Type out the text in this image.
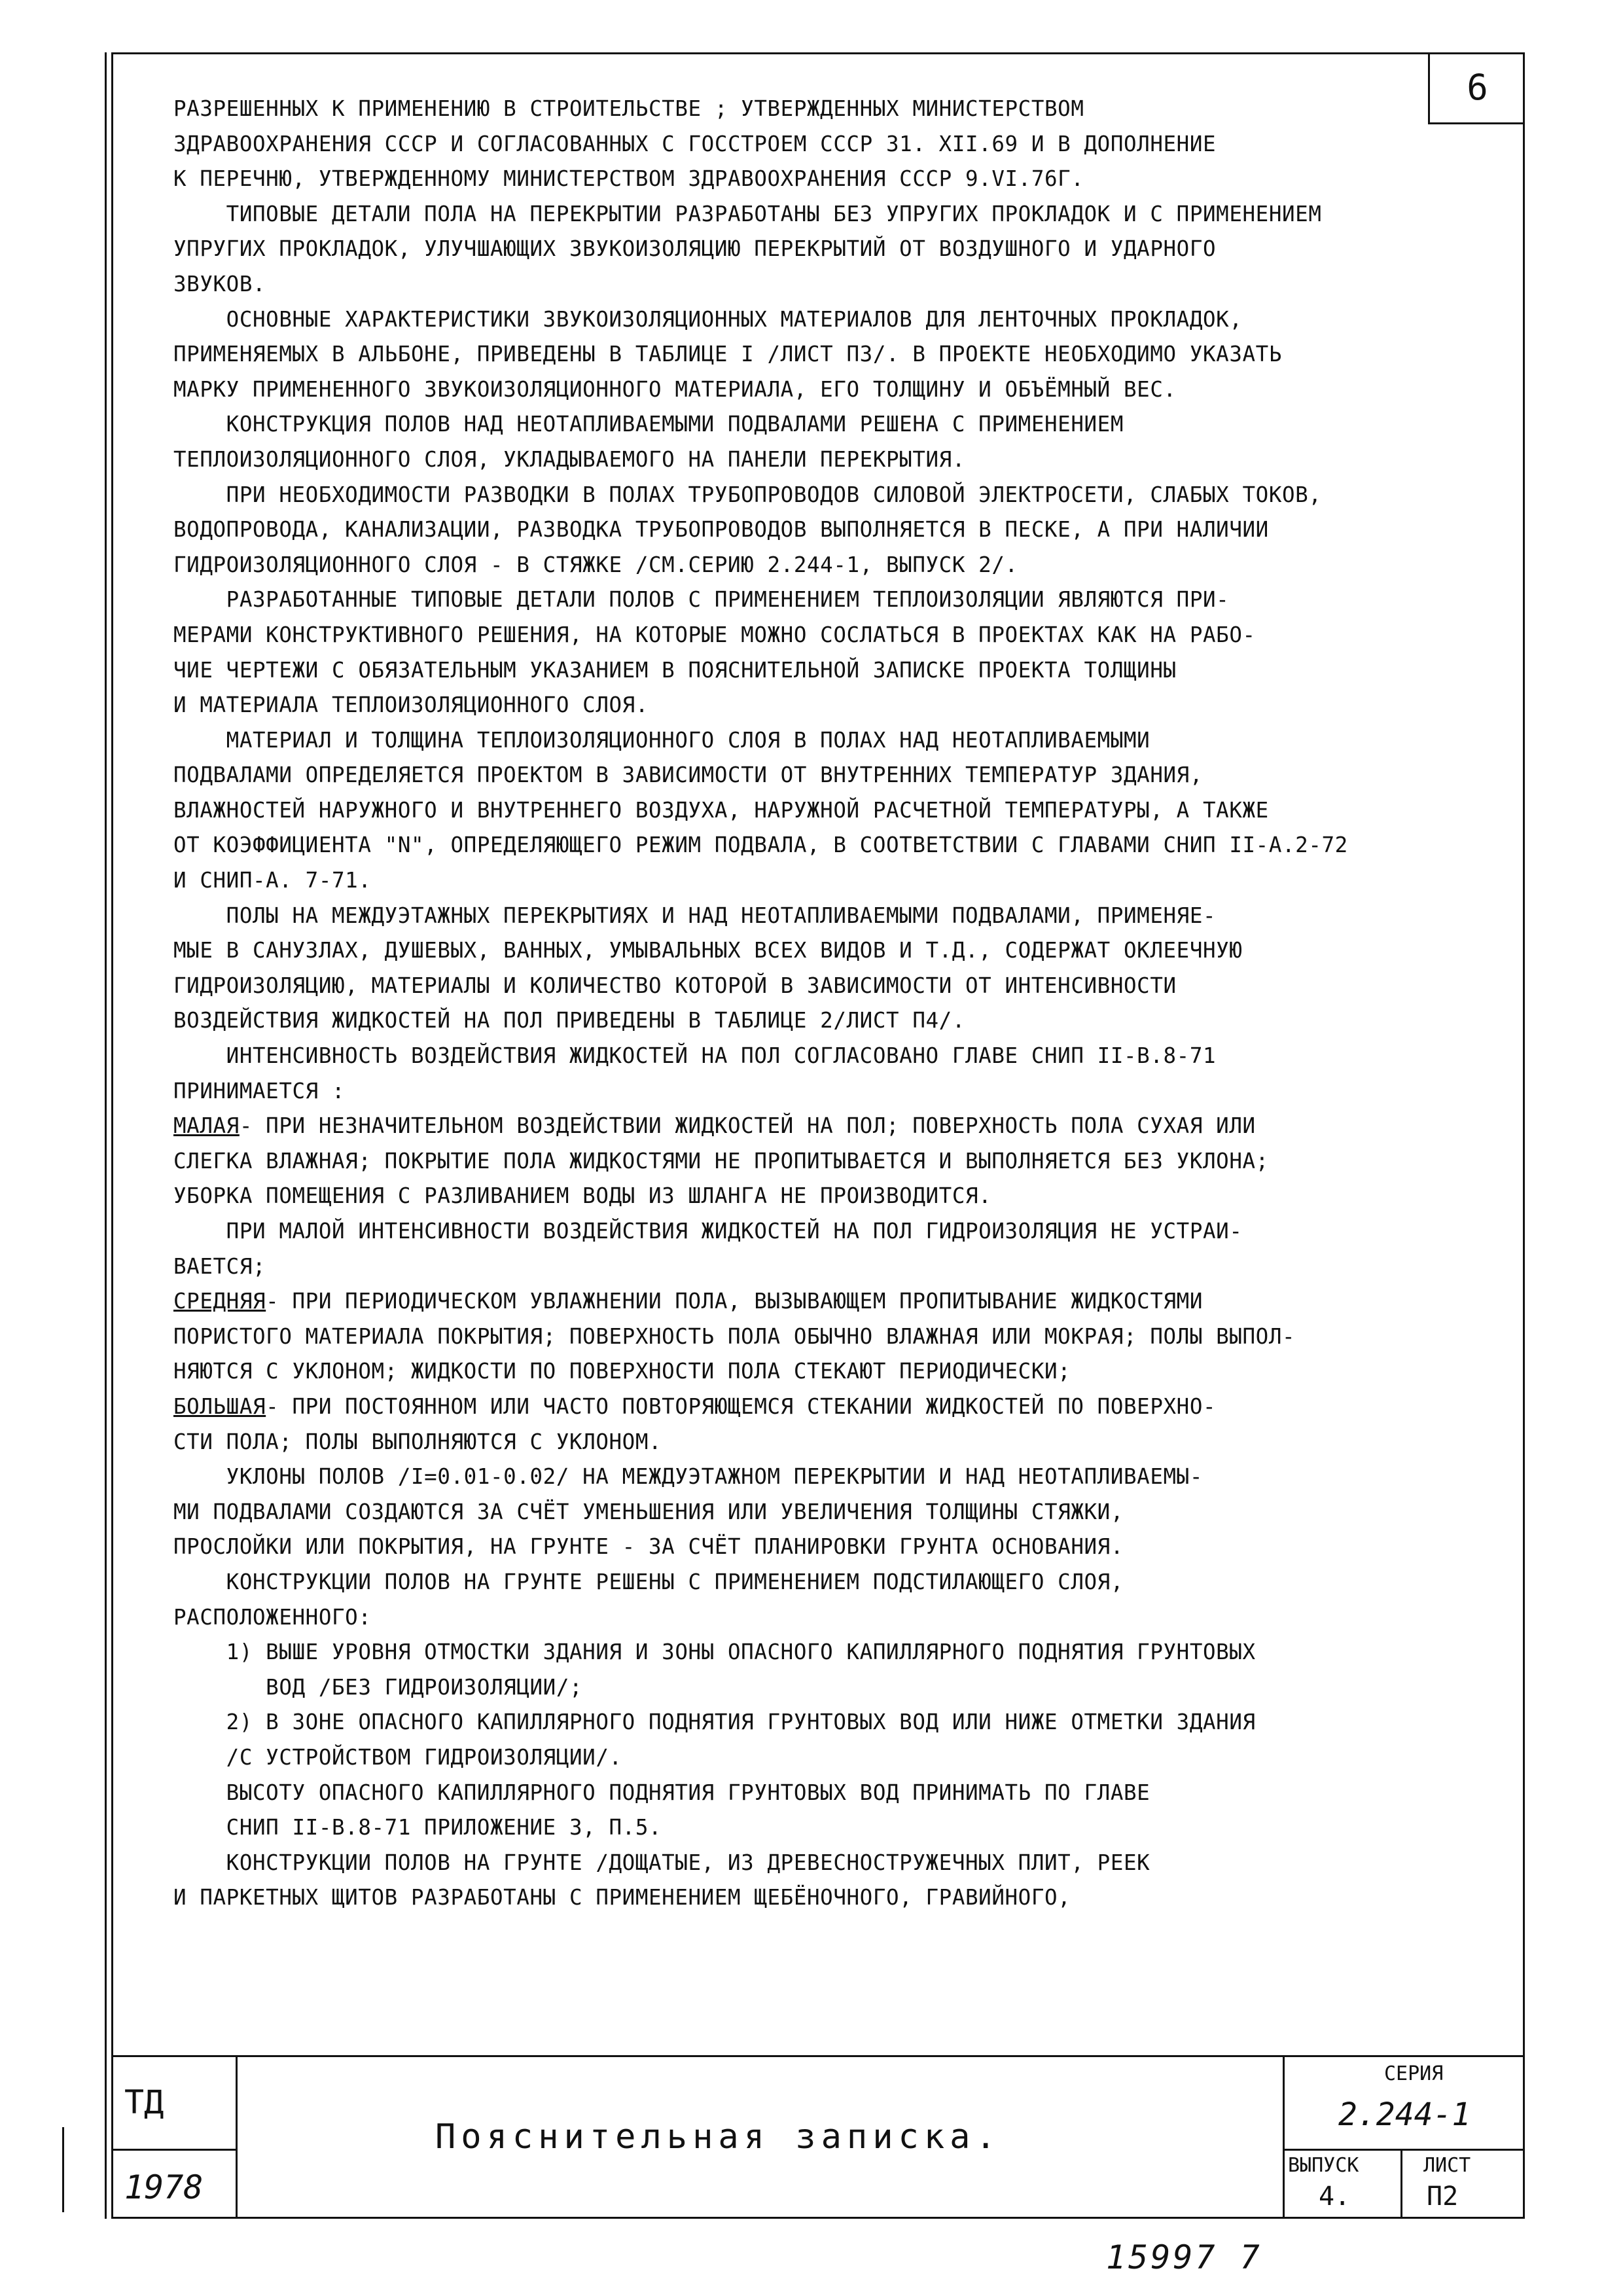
6

РАЗРЕШЕННЫХ К ПРИМЕНЕНИЮ В СТРОИТЕЛЬСТВЕ ; УТВЕРЖДЕННЫХ МИНИСТЕРСТВОМ

ЗДРАВООХРАНЕНИЯ СССР И СОГЛАСОВАННЫХ С ГОССТРОЕМ СССР 31. XII.69 И В ДОПОЛНЕНИЕ

К ПЕРЕЧНЮ, УТВЕРЖДЕННОМУ МИНИСТЕРСТВОМ ЗДРАВООХРАНЕНИЯ СССР 9.VI.76Г.

ТИПОВЫЕ ДЕТАЛИ ПОЛА НА ПЕРЕКРЫТИИ РАЗРАБОТАНЫ БЕЗ УПРУГИХ ПРОКЛАДОК И С ПРИМЕНЕНИЕМ

УПРУГИХ ПРОКЛАДОК, УЛУЧШАЮЩИХ ЗВУКОИЗОЛЯЦИЮ ПЕРЕКРЫТИЙ ОТ ВОЗДУШНОГО И УДАРНОГО

ЗВУКОВ.

ОСНОВНЫЕ ХАРАКТЕРИСТИКИ ЗВУКОИЗОЛЯЦИОННЫХ МАТЕРИАЛОВ ДЛЯ ЛЕНТОЧНЫХ ПРОКЛАДОК,

ПРИМЕНЯЕМЫХ В АЛЬБОНЕ, ПРИВЕДЕНЫ В ТАБЛИЦЕ I /ЛИСТ П3/. В ПРОЕКТЕ НЕОБХОДИМО УКАЗАТЬ

МАРКУ ПРИМЕНЕННОГО ЗВУКОИЗОЛЯЦИОННОГО МАТЕРИАЛА, ЕГО ТОЛЩИНУ И ОБЪЁМНЫЙ ВЕС.

КОНСТРУКЦИЯ ПОЛОВ НАД НЕОТАПЛИВАЕМЫМИ ПОДВАЛАМИ РЕШЕНА С ПРИМЕНЕНИЕМ

ТЕПЛОИЗОЛЯЦИОННОГО СЛОЯ, УКЛАДЫВАЕМОГО НА ПАНЕЛИ ПЕРЕКРЫТИЯ.

ПРИ НЕОБХОДИМОСТИ РАЗВОДКИ В ПОЛАХ ТРУБОПРОВОДОВ СИЛОВОЙ ЭЛЕКТРОСЕТИ, СЛАБЫХ ТОКОВ,

ВОДОПРОВОДА, КАНАЛИЗАЦИИ, РАЗВОДКА ТРУБОПРОВОДОВ ВЫПОЛНЯЕТСЯ В ПЕСКЕ, А ПРИ НАЛИЧИИ

ГИДРОИЗОЛЯЦИОННОГО СЛОЯ - В СТЯЖКЕ /СМ.СЕРИЮ 2.244-1, ВЫПУСК 2/.

РАЗРАБОТАННЫЕ ТИПОВЫЕ ДЕТАЛИ ПОЛОВ С ПРИМЕНЕНИЕМ ТЕПЛОИЗОЛЯЦИИ ЯВЛЯЮТСЯ ПРИ-

МЕРАМИ КОНСТРУКТИВНОГО РЕШЕНИЯ, НА КОТОРЫЕ МОЖНО СОСЛАТЬСЯ В ПРОЕКТАХ КАК НА РАБО-

ЧИЕ ЧЕРТЕЖИ С ОБЯЗАТЕЛЬНЫМ УКАЗАНИЕМ В ПОЯСНИТЕЛЬНОЙ ЗАПИСКЕ ПРОЕКТА ТОЛЩИНЫ

И МАТЕРИАЛА ТЕПЛОИЗОЛЯЦИОННОГО СЛОЯ.

МАТЕРИАЛ И ТОЛЩИНА ТЕПЛОИЗОЛЯЦИОННОГО СЛОЯ В ПОЛАХ НАД НЕОТАПЛИВАЕМЫМИ

ПОДВАЛАМИ ОПРЕДЕЛЯЕТСЯ ПРОЕКТОМ В ЗАВИСИМОСТИ ОТ ВНУТРЕННИХ ТЕМПЕРАТУР ЗДАНИЯ,

ВЛАЖНОСТЕЙ НАРУЖНОГО И ВНУТРЕННЕГО ВОЗДУХА, НАРУЖНОЙ РАСЧЕТНОЙ ТЕМПЕРАТУРЫ, А ТАКЖЕ

ОТ КОЭФФИЦИЕНТА "N", ОПРЕДЕЛЯЮЩЕГО РЕЖИМ ПОДВАЛА, В СООТВЕТСТВИИ С ГЛАВАМИ СНИП II-А.2-72

И СНИП-А. 7-71.

ПОЛЫ НА МЕЖДУЭТАЖНЫХ ПЕРЕКРЫТИЯХ И НАД НЕОТАПЛИВАЕМЫМИ ПОДВАЛАМИ, ПРИМЕНЯЕ-

МЫЕ В САНУЗЛАХ, ДУШЕВЫХ, ВАННЫХ, УМЫВАЛЬНЫХ ВСЕХ ВИДОВ И Т.Д., СОДЕРЖАТ ОКЛЕЕЧНУЮ

ГИДРОИЗОЛЯЦИЮ, МАТЕРИАЛЫ И КОЛИЧЕСТВО КОТОРОЙ В ЗАВИСИМОСТИ ОТ ИНТЕНСИВНОСТИ

ВОЗДЕЙСТВИЯ ЖИДКОСТЕЙ НА ПОЛ ПРИВЕДЕНЫ В ТАБЛИЦЕ 2/ЛИСТ П4/.

ИНТЕНСИВНОСТЬ ВОЗДЕЙСТВИЯ ЖИДКОСТЕЙ НА ПОЛ СОГЛАСОВАНО ГЛАВЕ СНИП II-В.8-71

ПРИНИМАЕТСЯ :

МАЛАЯ- ПРИ НЕЗНАЧИТЕЛЬНОМ ВОЗДЕЙСТВИИ ЖИДКОСТЕЙ НА ПОЛ; ПОВЕРХНОСТЬ ПОЛА СУХАЯ ИЛИ

СЛЕГКА ВЛАЖНАЯ; ПОКРЫТИЕ ПОЛА ЖИДКОСТЯМИ НЕ ПРОПИТЫВАЕТСЯ И ВЫПОЛНЯЕТСЯ БЕЗ УКЛОНА;

УБОРКА ПОМЕЩЕНИЯ С РАЗЛИВАНИЕМ ВОДЫ ИЗ ШЛАНГА НЕ ПРОИЗВОДИТСЯ.

ПРИ МАЛОЙ ИНТЕНСИВНОСТИ ВОЗДЕЙСТВИЯ ЖИДКОСТЕЙ НА ПОЛ ГИДРОИЗОЛЯЦИЯ НЕ УСТРАИ-

ВАЕТСЯ;

СРЕДНЯЯ- ПРИ ПЕРИОДИЧЕСКОМ УВЛАЖНЕНИИ ПОЛА, ВЫЗЫВАЮЩЕМ ПРОПИТЫВАНИЕ ЖИДКОСТЯМИ

ПОРИСТОГО МАТЕРИАЛА ПОКРЫТИЯ; ПОВЕРХНОСТЬ ПОЛА ОБЫЧНО ВЛАЖНАЯ ИЛИ МОКРАЯ; ПОЛЫ ВЫПОЛ-

НЯЮТСЯ С УКЛОНОМ; ЖИДКОСТИ ПО ПОВЕРХНОСТИ ПОЛА СТЕКАЮТ ПЕРИОДИЧЕСКИ;

БОЛЬШАЯ- ПРИ ПОСТОЯННОМ ИЛИ ЧАСТО ПОВТОРЯЮЩЕМСЯ СТЕКАНИИ ЖИДКОСТЕЙ ПО ПОВЕРХНО-

СТИ ПОЛА; ПОЛЫ ВЫПОЛНЯЮТСЯ С УКЛОНОМ.

УКЛОНЫ ПОЛОВ /I=0.01-0.02/ НА МЕЖДУЭТАЖНОМ ПЕРЕКРЫТИИ И НАД НЕОТАПЛИВАЕМЫ-

МИ ПОДВАЛАМИ СОЗДАЮТСЯ ЗА СЧЁТ УМЕНЬШЕНИЯ ИЛИ УВЕЛИЧЕНИЯ ТОЛЩИНЫ СТЯЖКИ,

ПРОСЛОЙКИ ИЛИ ПОКРЫТИЯ, НА ГРУНТЕ - ЗА СЧЁТ ПЛАНИРОВКИ ГРУНТА ОСНОВАНИЯ.

КОНСТРУКЦИИ ПОЛОВ НА ГРУНТЕ РЕШЕНЫ С ПРИМЕНЕНИЕМ ПОДСТИЛАЮЩЕГО СЛОЯ,

РАСПОЛОЖЕННОГО:

1) ВЫШЕ УРОВНЯ ОТМОСТКИ ЗДАНИЯ И ЗОНЫ ОПАСНОГО КАПИЛЛЯРНОГО ПОДНЯТИЯ ГРУНТОВЫХ

ВОД /БЕЗ ГИДРОИЗОЛЯЦИИ/;

2) В ЗОНЕ ОПАСНОГО КАПИЛЛЯРНОГО ПОДНЯТИЯ ГРУНТОВЫХ ВОД ИЛИ НИЖЕ ОТМЕТКИ ЗДАНИЯ

/С УСТРОЙСТВОМ ГИДРОИЗОЛЯЦИИ/.

ВЫСОТУ ОПАСНОГО КАПИЛЛЯРНОГО ПОДНЯТИЯ ГРУНТОВЫХ ВОД ПРИНИМАТЬ ПО ГЛАВЕ

СНИП II-В.8-71 ПРИЛОЖЕНИЕ 3, П.5.

КОНСТРУКЦИИ ПОЛОВ НА ГРУНТЕ /ДОЩАТЫЕ, ИЗ ДРЕВЕСНОСТРУЖЕЧНЫХ ПЛИТ, РЕЕК

И ПАРКЕТНЫХ ЩИТОВ РАЗРАБОТАНЫ С ПРИМЕНЕНИЕМ ЩЕБЁНОЧНОГО, ГРАВИЙНОГО,

ТД
1978
Пояснительная записка.
СЕРИЯ
2.244-1
ВЫПУСК
4.
ЛИСТ
П2
15997 7
